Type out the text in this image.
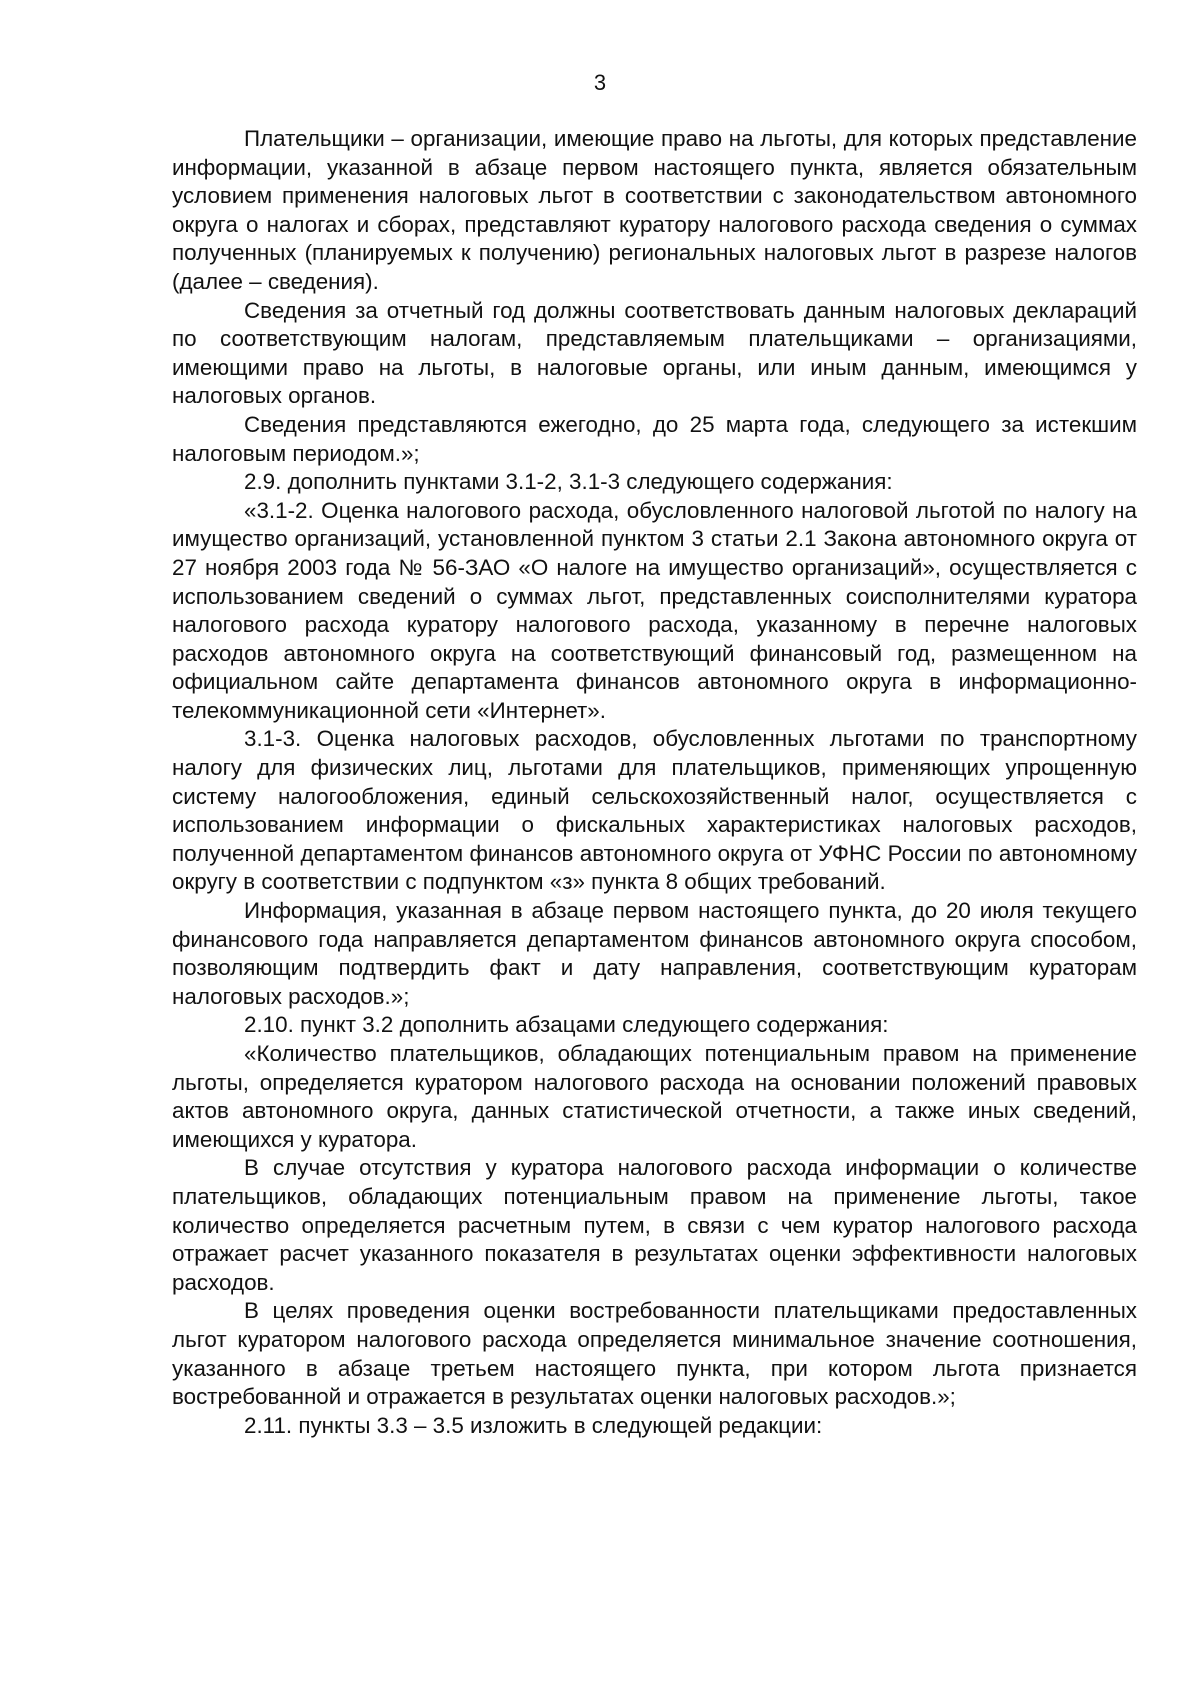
3

Плательщики – организации, имеющие право на льготы, для которых представление информации, указанной в абзаце первом настоящего пункта, является обязательным условием применения налоговых льгот в соответствии с законодательством автономного округа о налогах и сборах, представляют куратору налогового расхода сведения о суммах полученных (планируемых к получению) региональных налоговых льгот в разрезе налогов (далее – сведения).

Сведения за отчетный год должны соответствовать данным налоговых деклараций по соответствующим налогам, представляемым плательщиками – организациями, имеющими право на льготы, в налоговые органы, или иным данным, имеющимся у налоговых органов.

Сведения представляются ежегодно, до 25 марта года, следующего за истекшим налоговым периодом.»;

2.9. дополнить пунктами 3.1-2, 3.1-3 следующего содержания:

«3.1-2. Оценка налогового расхода, обусловленного налоговой льготой по налогу на имущество организаций, установленной пунктом 3 статьи 2.1 Закона автономного округа от 27 ноября 2003 года № 56-ЗАО «О налоге на имущество организаций», осуществляется с использованием сведений о суммах льгот, представленных соисполнителями куратора налогового расхода куратору налогового расхода, указанному в перечне налоговых расходов автономного округа на соответствующий финансовый год, размещенном на официальном сайте департамента финансов автономного округа в информационно-телекоммуникационной сети «Интернет».

3.1-3. Оценка налоговых расходов, обусловленных льготами по транспортному налогу для физических лиц, льготами для плательщиков, применяющих упрощенную систему налогообложения, единый сельскохозяйственный налог, осуществляется с использованием информации о фискальных характеристиках налоговых расходов, полученной департаментом финансов автономного округа от УФНС России по автономному округу в соответствии с подпунктом «з» пункта 8 общих требований.

Информация, указанная в абзаце первом настоящего пункта, до 20 июля текущего финансового года направляется департаментом финансов автономного округа способом, позволяющим подтвердить факт и дату направления, соответствующим кураторам налоговых расходов.»;

2.10. пункт 3.2 дополнить абзацами следующего содержания:

«Количество плательщиков, обладающих потенциальным правом на применение льготы, определяется куратором налогового расхода на основании положений правовых актов автономного округа, данных статистической отчетности, а также иных сведений, имеющихся у куратора.

В случае отсутствия у куратора налогового расхода информации о количестве плательщиков, обладающих потенциальным правом на применение льготы, такое количество определяется расчетным путем, в связи с чем куратор налогового расхода отражает расчет указанного показателя в результатах оценки эффективности налоговых расходов.

В целях проведения оценки востребованности плательщиками предоставленных льгот куратором налогового расхода определяется минимальное значение соотношения, указанного в абзаце третьем настоящего пункта, при котором льгота признается востребованной и отражается в результатах оценки налоговых расходов.»;

2.11. пункты 3.3 – 3.5 изложить в следующей редакции:
